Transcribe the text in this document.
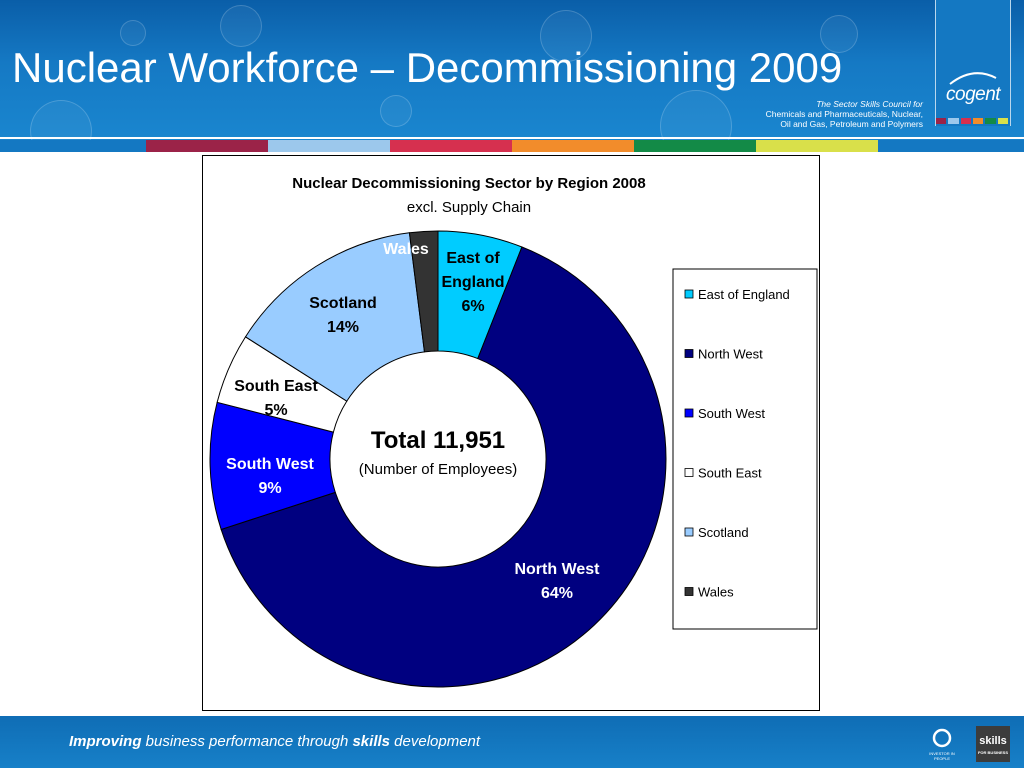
Nuclear Workforce – Decommissioning 2009
The Sector Skills Council for
Chemicals and Pharmaceuticals, Nuclear,
Oil and Gas, Petroleum and Polymers
cogent
Nuclear Decommissioning Sector by Region 2008
excl. Supply Chain
Total 11,951
(Number of Employees)
East of England 6%
North West 64%
South West 9%
South East 5%
Scotland 14%
Wales
East of England
North West
South West
South East
Scotland
Wales
Improving business performance through skills development
INVESTOR IN PEOPLE
skills
FOR BUSINESS
